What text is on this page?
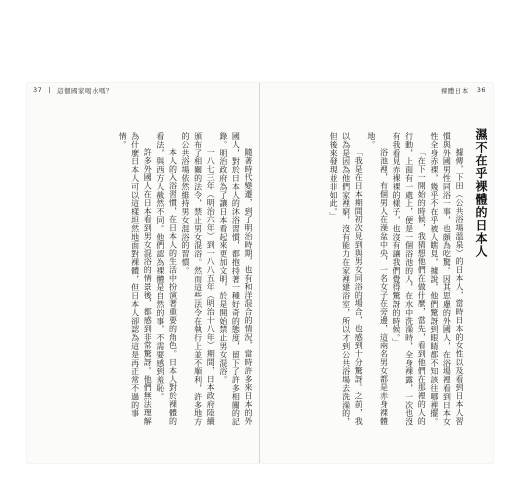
37 | 這個國家喝水嗎？	裸體日本 36
濕不在乎裸體的日本人

據傳，下田（公共浴場溫泉）的日本人，當時日本的女性以及看到日本人習慣與外國男性同浴一事，也頗為吃驚。因其思慮的外國人，在浴場裡看到日本女性全身赤裸，幾乎不在乎被人瞧見，據說，他們驚訝到眼睛都不知該往哪裡擺。

「在下一開始的時候，我猜想他們在做什麼，當先，看到他們在那裡的人的行動，上面有一處上，便是一個浴池的人，在水中洗澡時，全身裸露，一次也沒有我看見赤裸裸的樣子，也沒有讓我們覺得驚訝的時候。」

浴池裡，有個男人在澡盆中央，一名女子在旁邊，這兩名男女都是赤身裸體地。

「我是在日本期間初次見到與男女同浴的場合，也感到十分驚訝。之前，我以為是因為他們家裡窮，沒有能力在家裡建浴室，所以才到公共浴場去洗澡的，但後來發現並非如此。」

隨著時代變遷，到了明治時期，也有和洋混合的情況，當時許多來日本的外國人，對於日本人的沐浴習慣，都抱持著一種好奇的態度，留下了許多相關的記錄。明治政府為了讓日本看起來更加文明，於是開始禁止男女混浴。

一八七三年（明治六年）到一八八五年（明治十八年）期間，日本政府陸續頒布了相關的法令，禁止男女混浴。然而這些法令在執行上並不順利，許多地方的公共浴場依然維持男女混浴的習慣。

本人的入浴習慣，在日本人的生活中扮演著重要的角色。日本人對於裸體的看法，與西方人截然不同。他們認為裸體是自然的事，不需要感到羞恥。

許多外國人在日本看到男女混浴的情景後，都感到非常驚訝。他們無法理解為什麼日本人可以這樣坦然地面對裸體，但日本人卻認為這是再正常不過的事情。
